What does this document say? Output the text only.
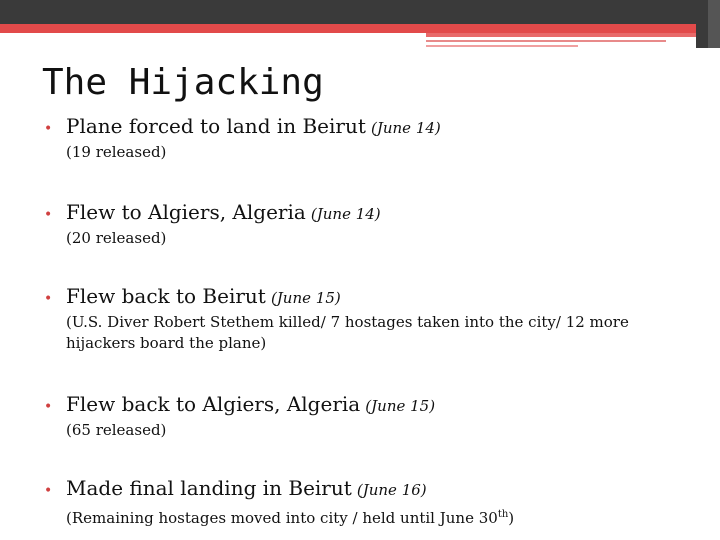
The Hijacking
• Plane forced to land in Beirut (June 14)
(19 released)
• Flew to Algiers, Algeria (June 14)
(20 released)
• Flew back to Beirut (June 15)
(U.S. Diver Robert Stethem killed/ 7 hostages taken into the city/ 12 more hijackers board the plane)
• Flew back to Algiers, Algeria (June 15)
(65 released)
• Made final landing in Beirut (June 16)
(Remaining hostages moved into city / held until June 30th)
